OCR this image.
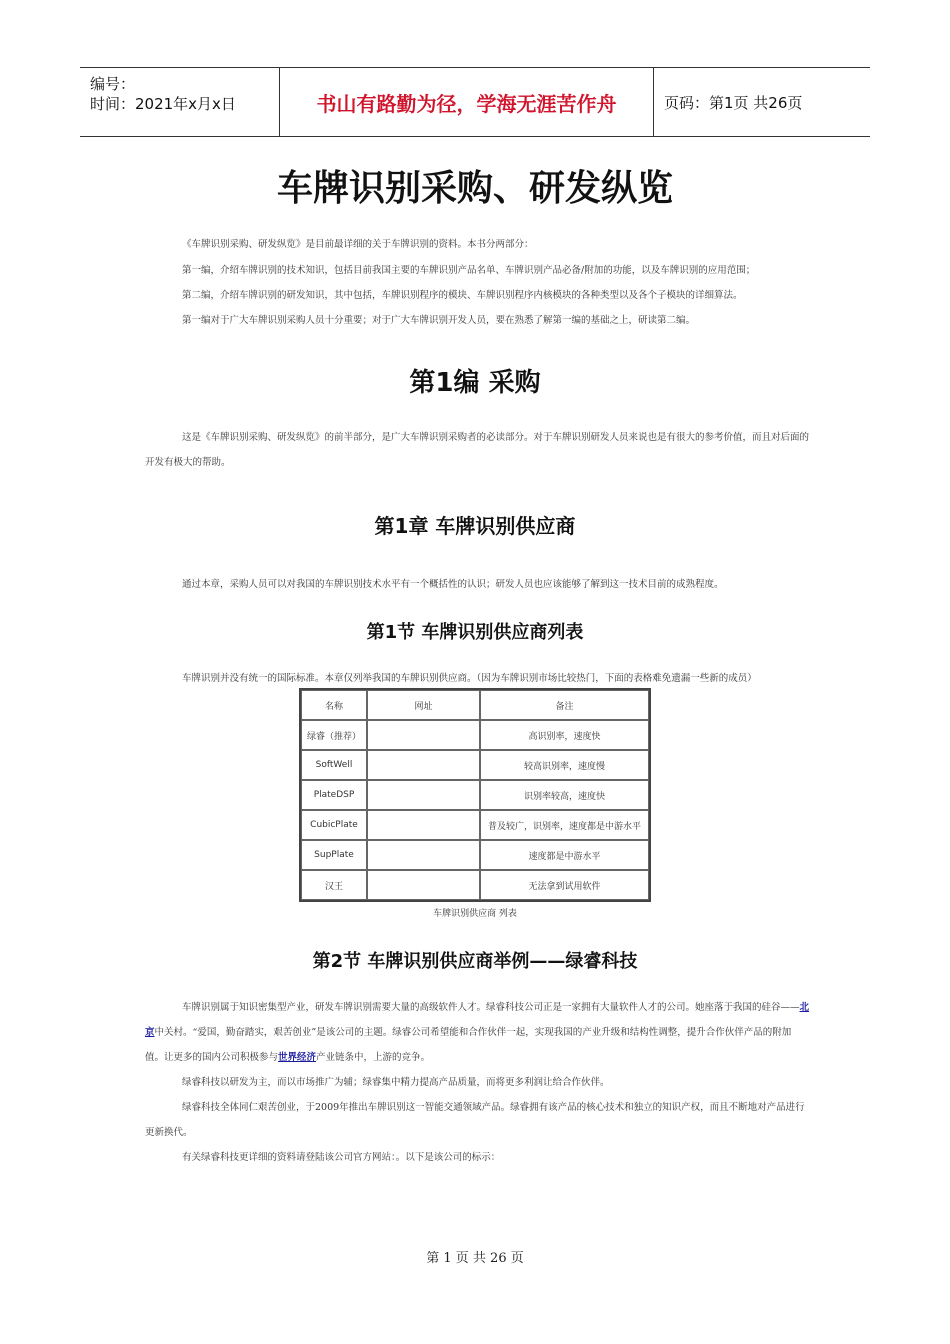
编号：
时间：2021年x月x日	书山有路勤为径，学海无涯苦作舟	页码：第1页 共26页
车牌识别采购、研发纵览
《车牌识别采购、研发纵览》是目前最详细的关于车牌识别的资料。本书分两部分：
第一编，介绍车牌识别的技术知识，包括目前我国主要的车牌识别产品名单、车牌识别产品必备/附加的功能，以及车牌识别的应用范围；
第二编，介绍车牌识别的研发知识，其中包括，车牌识别程序的模块、车牌识别程序内核模块的各种类型以及各个子模块的详细算法。
第一编对于广大车牌识别采购人员十分重要；对于广大车牌识别开发人员，要在熟悉了解第一编的基础之上，研读第二编。
第1编 采购
这是《车牌识别采购、研发纵览》的前半部分，是广大车牌识别采购者的必读部分。对于车牌识别研发人员来说也是有很大的参考价值，而且对后面的开发有极大的帮助。
第1章 车牌识别供应商
通过本章，采购人员可以对我国的车牌识别技术水平有一个概括性的认识；研发人员也应该能够了解到这一技术目前的成熟程度。
第1节 车牌识别供应商列表
车牌识别并没有统一的国际标准。本章仅列举我国的车牌识别供应商。（因为车牌识别市场比较热门，下面的表格难免遗漏一些新的成员）
名称	网址	备注
绿睿（推荐）		高识别率，速度快
SoftWell		较高识别率，速度慢
PlateDSP		识别率较高，速度快
CubicPlate		普及较广，识别率，速度都是中游水平
SupPlate		速度都是中游水平
汉王		无法拿到试用软件
车牌识别供应商 列表
第2节 车牌识别供应商举例——绿睿科技
车牌识别属于知识密集型产业，研发车牌识别需要大量的高级软件人才。绿睿科技公司正是一家拥有大量软件人才的公司。她座落于我国的硅谷——北京中关村。“爱国，勤奋踏实，艰苦创业”是该公司的主题。绿睿公司希望能和合作伙伴一起，实现我国的产业升级和结构性调整，提升合作伙伴产品的附加值。让更多的国内公司积极参与世界经济产业链条中，上游的竞争。
绿睿科技以研发为主，而以市场推广为辅；绿睿集中精力提高产品质量，而将更多利润让给合作伙伴。
绿睿科技全体同仁艰苦创业，于2009年推出车牌识别这一智能交通领域产品。绿睿拥有该产品的核心技术和独立的知识产权，而且不断地对产品进行更新换代。
有关绿睿科技更详细的资料请登陆该公司官方网站：。以下是该公司的标示：
第 1 页 共 26 页
